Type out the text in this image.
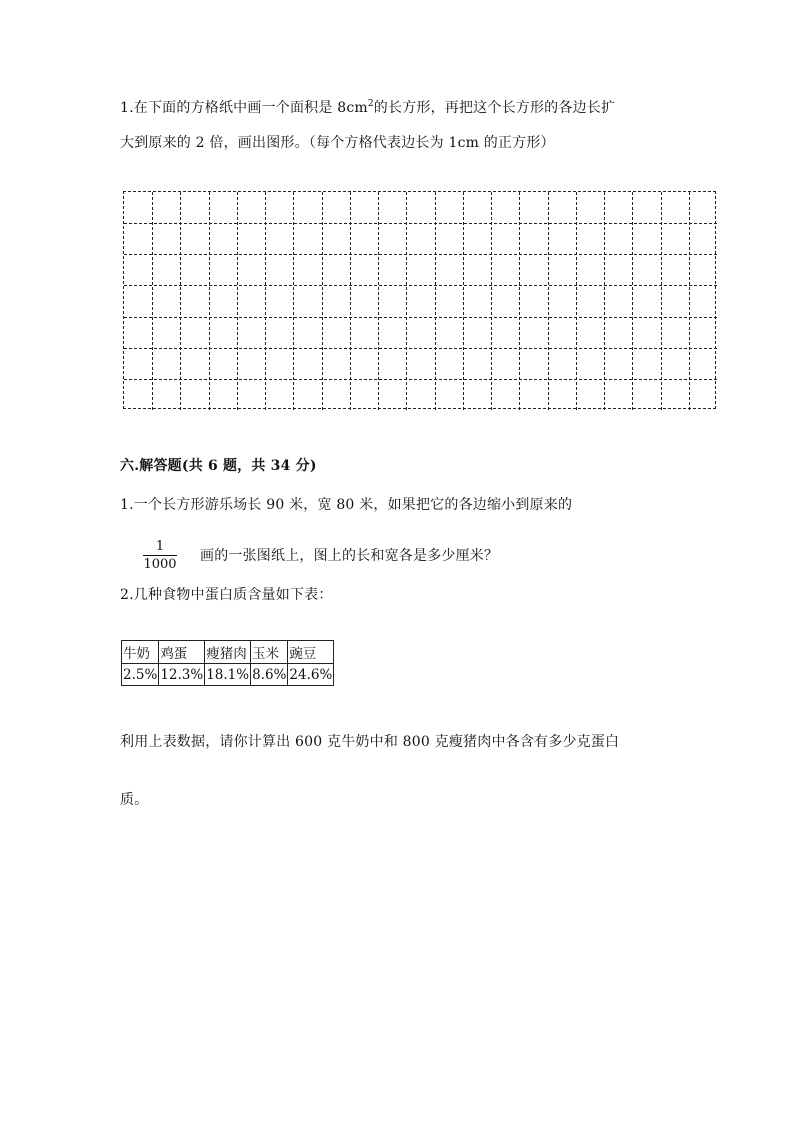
1.在下面的方格纸中画一个面积是 $8cm^2$的长方形，再把这个长方形的各边长扩
大到原来的 2 倍，画出图形。（每个方格代表边长为 1cm 的正方形）
六.解答题(共 6 题，共 34 分)
1.一个长方形游乐场长 90 米，宽 80 米，如果把它的各边缩小到原来的
$\frac{1}{1000}$ 画的一张图纸上，图上的长和宽各是多少厘米？
2.几种食物中蛋白质含量如下表：
牛奶	鸡蛋	瘦猪肉	玉米	豌豆
2.5%	12.3%	18.1%	8.6%	24.6%
利用上表数据，请你计算出 600 克牛奶中和 800 克瘦猪肉中各含有多少克蛋白
质。
